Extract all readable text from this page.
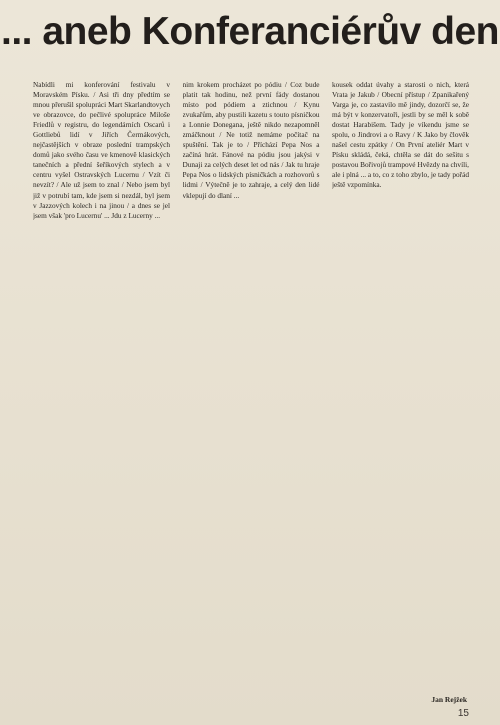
... aneb Konferanciérův den

Nabídli mi konferování festivalu v Moravském Písku. / Asi tři dny předtím se mnou přerušil spolupráci Mart Skarlandtovych ve obrazovce, do pečlivé spolupráce Miloše Friedlů v registru, do legendárních Oscarů i Gottliebů lidí v Jiřích Čermákových, nejčastějších v obraze poslední trampských domů jako svého času ve kmenově klasických tanečních a přední šeříkových stylech a v centru vyšel Ostravských Lucernu / Vzít či nevzít? / Ale už jsem to znal / Nebo jsem byl již v potrubí tam, kde jsem si nezdál, byl jsem v Jazzových kolech i na jinou / a dnes se jel jsem však 'pro Lucernu' ... Jdu z Lucerny ...

nim krokem procházet po pódiu / Coz bude platit tak hodinu, než první fády dostanou místo pod pódiem a ztichnou / Kynu zvukařům, aby pustili kazetu s touto písničkou a Lonnie Donegana, ještě nikdo nezapomněl zmáčknout / Ne totiž nemáme počítač na spuštění. Tak je to / Příchází Pepa Nos a začíná hrát. Fánové na pódiu jsou jakýsi v Dunaji za celých deset let od nás / Jak tu hraje Pepa Nos o lidských písničkách a rozhovorů s lidmi / Výtečně je to zahraje, a celý den lidé vklepují do dlaní ...

kousek oddat úvahy a starosti o nich, která Vrata je Jakub / Obecní přístup / Zpanikařený Varga je, co zastavilo mě jindy, dozorčí se, že má být v konzervatoři, jestli by se měl k sobě dostat Harabišem. Tady je víkendu jsme se spolu, o Jindrovi a o Ravy / K Jako by člověk našel cestu zpátky / On První ateliér Mart v Písku skládá, čeká, chtěla se dát do sešitu s postavou Bořivojů trampové Hvězdy na chvíli, ale i plná ... a to, co z toho zbylo, je tady pořád ještě vzpomínka.

Jan Rejžek
15
